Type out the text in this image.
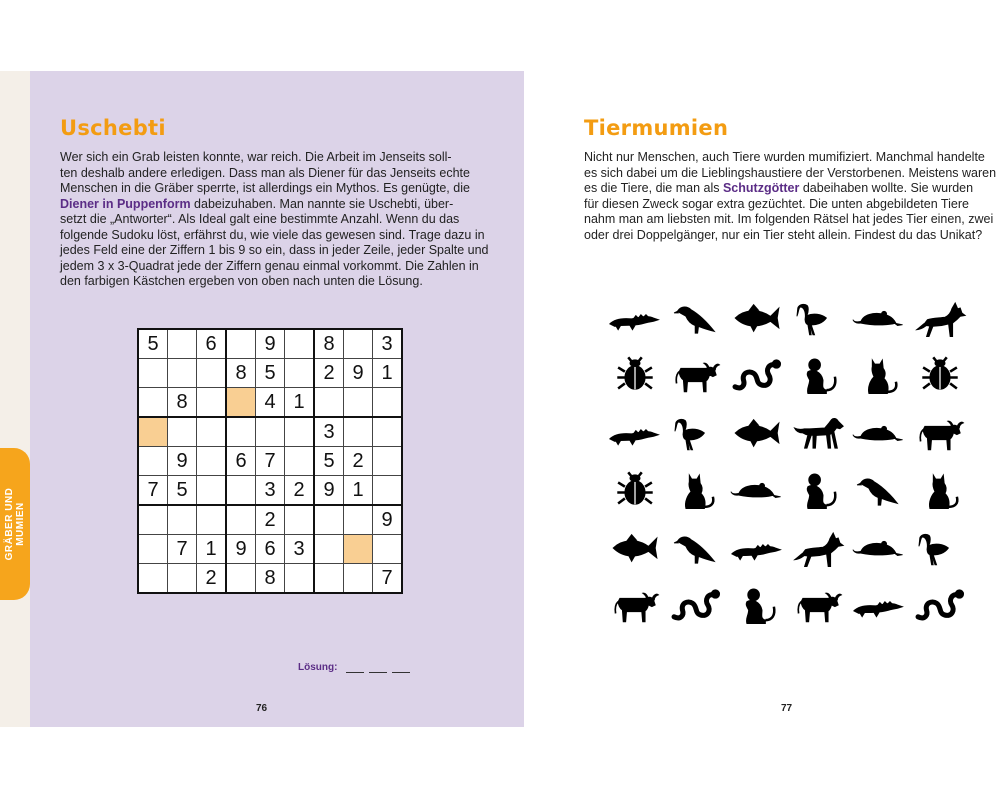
GRÄBER UND
MUMIEN
Uschebti
Wer sich ein Grab leisten konnte, war reich. Die Arbeit im Jenseits soll-
ten deshalb andere erledigen. Dass man als Diener für das Jenseits echte
Menschen in die Gräber sperrte, ist allerdings ein Mythos. Es genügte, die
Diener in Puppenform dabeizuhaben. Man nannte sie Uschebti, über-
setzt die „Antworter“. Als Ideal galt eine bestimmte Anzahl. Wenn du das
folgende Sudoku löst, erfährst du, wie viele das gewesen sind. Trage dazu in
jedes Feld eine der Ziffern 1 bis 9 so ein, dass in jeder Zeile, jeder Spalte und
jedem 3 x 3-Quadrat jede der Ziffern genau einmal vorkommt. Die Zahlen in
den farbigen Kästchen ergeben von oben nach unten die Lösung.
5		6		9		8		3
			8	5		2	9	1
	8			4	1			
						3		
	9		6	7		5	2	
7	5			3	2	9	1	
				2				9
	7	1	9	6	3			
		2		8				7
Lösung:
76
Tiermumien
Nicht nur Menschen, auch Tiere wurden mumifiziert. Manchmal handelte
es sich dabei um die Lieblingshaustiere der Verstorbenen. Meistens waren
es die Tiere, die man als Schutzgötter dabeihaben wollte. Sie wurden
für diesen Zweck sogar extra gezüchtet. Die unten abgebildeten Tiere
nahm man am liebsten mit. Im folgenden Rätsel hat jedes Tier einen, zwei
oder drei Doppelgänger, nur ein Tier steht allein. Findest du das Unikat?
77
